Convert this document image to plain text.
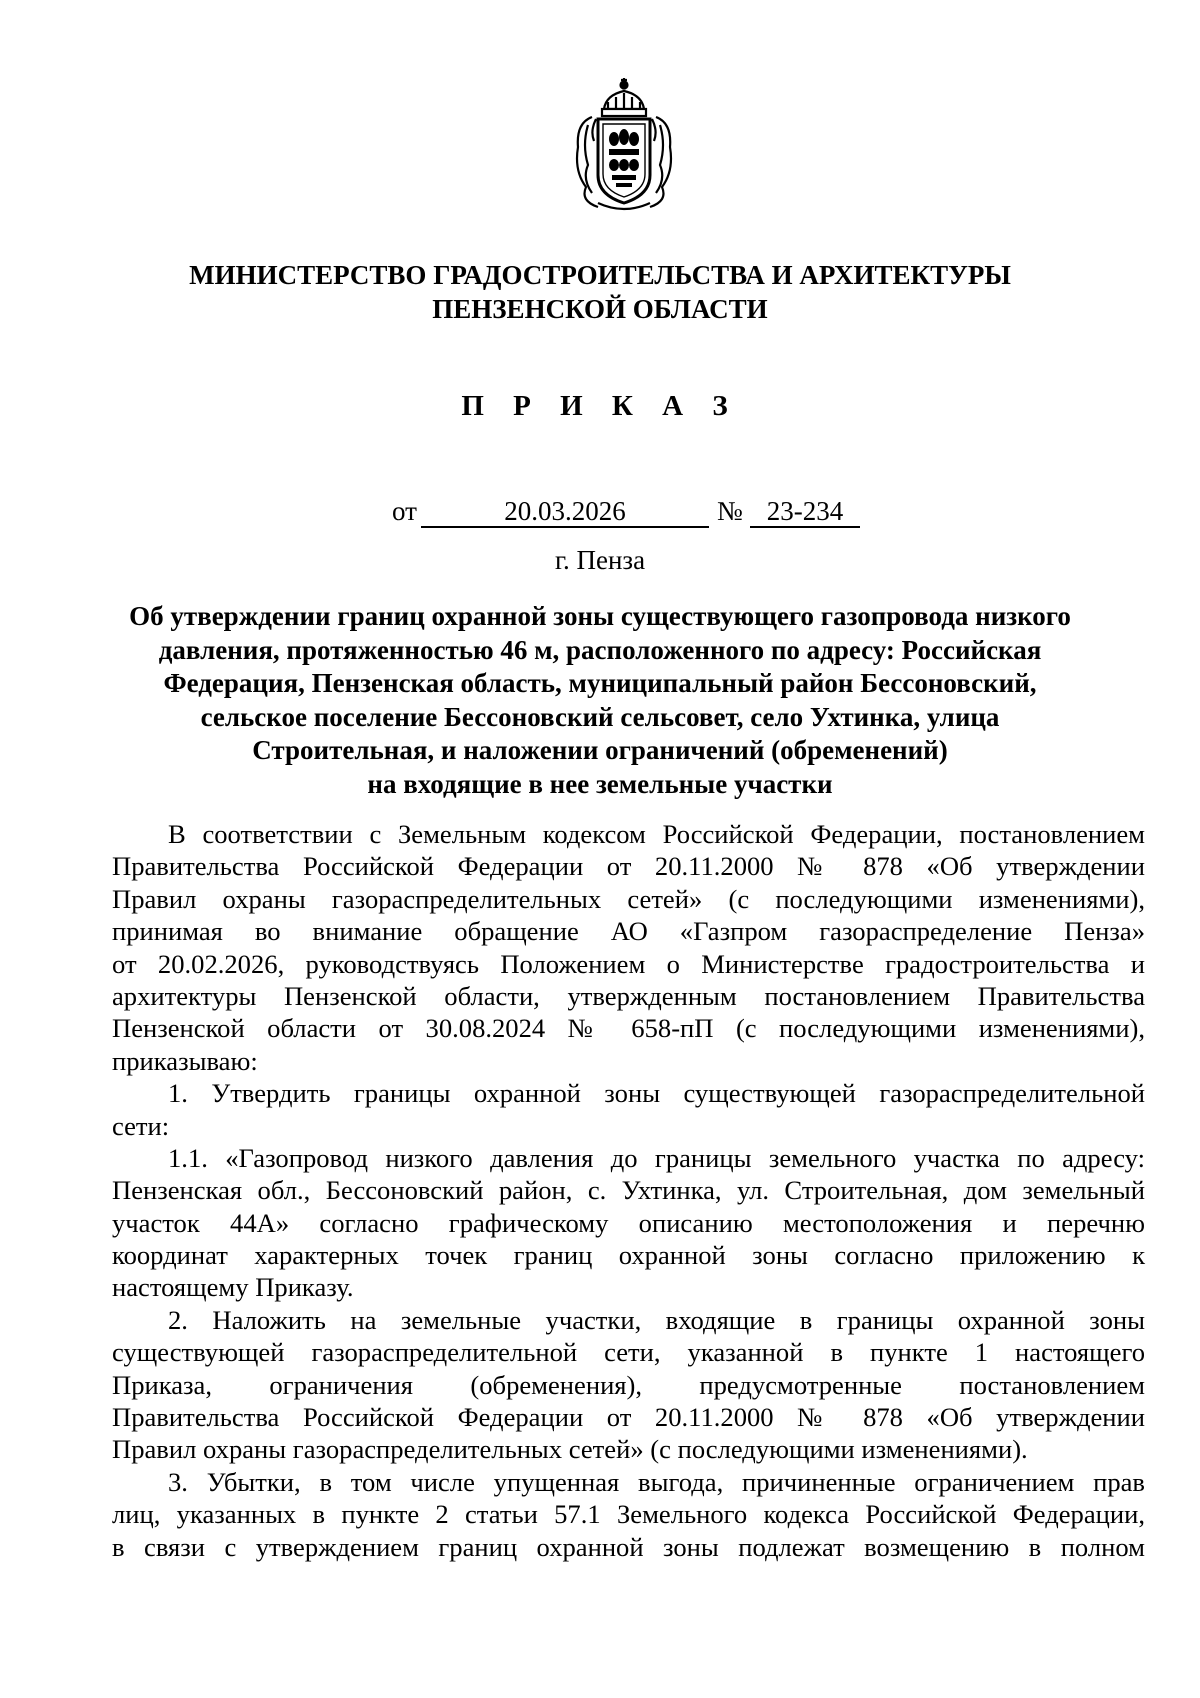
МИНИСТЕРСТВО ГРАДОСТРОИТЕЛЬСТВА И АРХИТЕКТУРЫ
ПЕНЗЕНСКОЙ ОБЛАСТИ
П Р И К А З
от	20.03.2026	№ 23-234
г. Пенза
Об утверждении границ охранной зоны существующего газопровода низкого
давления, протяженностью 46 м, расположенного по адресу: Российская
Федерация, Пензенская область, муниципальный район Бессоновский,
сельское поселение Бессоновский сельсовет, село Ухтинка, улица
Строительная, и наложении ограничений (обременений)
на входящие в нее земельные участки
В соответствии с Земельным кодексом Российской Федерации, постановлением
Правительства Российской Федерации от 20.11.2000 № 878 «Об утверждении
Правил охраны газораспределительных сетей» (с последующими изменениями),
принимая во внимание обращение АО «Газпром газораспределение Пенза»
от 20.02.2026, руководствуясь Положением о Министерстве градостроительства и
архитектуры Пензенской области, утвержденным постановлением Правительства
Пензенской области от 30.08.2024 № 658-пП (с последующими изменениями),
приказываю:
1. Утвердить границы охранной зоны существующей газораспределительной
сети:
1.1. «Газопровод низкого давления до границы земельного участка по адресу:
Пензенская обл., Бессоновский район, с. Ухтинка, ул. Строительная, дом земельный
участок 44А» согласно графическому описанию местоположения и перечню
координат характерных точек границ охранной зоны согласно приложению к
настоящему Приказу.
2. Наложить на земельные участки, входящие в границы охранной зоны
существующей газораспределительной сети, указанной в пункте 1 настоящего
Приказа, ограничения (обременения), предусмотренные постановлением
Правительства Российской Федерации от 20.11.2000 № 878 «Об утверждении
Правил охраны газораспределительных сетей» (с последующими изменениями).
3. Убытки, в том числе упущенная выгода, причиненные ограничением прав
лиц, указанных в пункте 2 статьи 57.1 Земельного кодекса Российской Федерации,
в связи с утверждением границ охранной зоны подлежат возмещению в полном
